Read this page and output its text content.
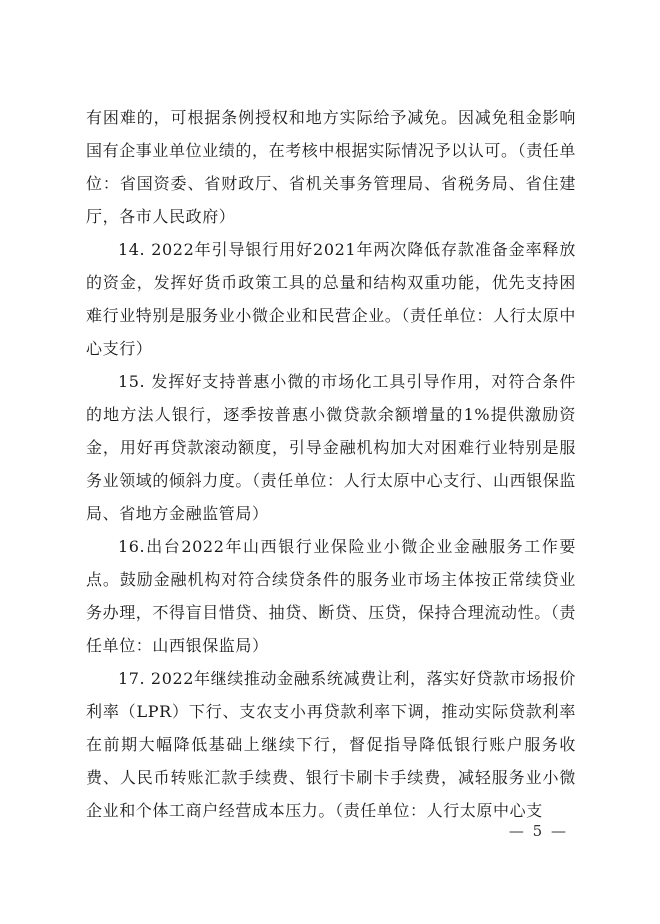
有困难的，可根据条例授权和地方实际给予减免。因减免租金影响国有企事业单位业绩的，在考核中根据实际情况予以认可。（责任单位：省国资委、省财政厅、省机关事务管理局、省税务局、省住建厅，各市人民政府）

14. 2022年引导银行用好2021年两次降低存款准备金率释放的资金，发挥好货币政策工具的总量和结构双重功能，优先支持困难行业特别是服务业小微企业和民营企业。（责任单位：人行太原中心支行）

15. 发挥好支持普惠小微的市场化工具引导作用，对符合条件的地方法人银行，逐季按普惠小微贷款余额增量的1%提供激励资金，用好再贷款滚动额度，引导金融机构加大对困难行业特别是服务业领域的倾斜力度。（责任单位：人行太原中心支行、山西银保监局、省地方金融监管局）

16.出台2022年山西银行业保险业小微企业金融服务工作要点。鼓励金融机构对符合续贷条件的服务业市场主体按正常续贷业务办理，不得盲目惜贷、抽贷、断贷、压贷，保持合理流动性。（责任单位：山西银保监局）

17. 2022年继续推动金融系统减费让利，落实好贷款市场报价利率（LPR）下行、支农支小再贷款利率下调，推动实际贷款利率在前期大幅降低基础上继续下行，督促指导降低银行账户服务收费、人民币转账汇款手续费、银行卡刷卡手续费，减轻服务业小微企业和个体工商户经营成本压力。（责任单位：人行太原中心支

— 5 —
